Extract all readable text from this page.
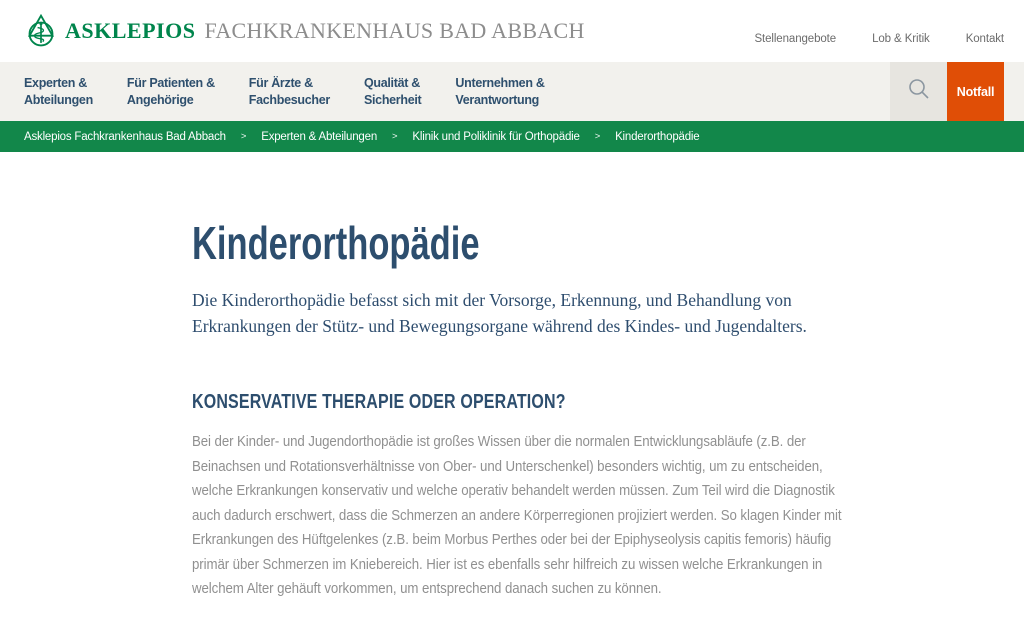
ASKLEPIOS FACHKRANKENHAUS BAD ABBACH	Stellenangebote	Lob & Kritik	Kontakt
Experten &
Abteilungen
Für Patienten &
Angehörige
Für Ärzte &
Fachbesucher
Qualität &
Sicherheit
Unternehmen &
Verantwortung
Notfall
Asklepios Fachkrankenhaus Bad Abbach > Experten & Abteilungen > Klinik und Poliklinik für Orthopädie > Kinderorthopädie
Kinderorthopädie

Die Kinderorthopädie befasst sich mit der Vorsorge, Erkennung, und Behandlung von Erkrankungen der Stütz- und Bewegungsorgane während des Kindes- und Jugendalters.

KONSERVATIVE THERAPIE ODER OPERATION?

Bei der Kinder- und Jugendorthopädie ist großes Wissen über die normalen Entwicklungsabläufe (z.B. der Beinachsen und Rotationsverhältnisse von Ober- und Unterschenkel) besonders wichtig, um zu entscheiden, welche Erkrankungen konservativ und welche operativ behandelt werden müssen. Zum Teil wird die Diagnostik auch dadurch erschwert, dass die Schmerzen an andere Körperregionen projiziert werden. So klagen Kinder mit Erkrankungen des Hüftgelenkes (z.B. beim Morbus Perthes oder bei der Epiphyseolysis capitis femoris) häufig primär über Schmerzen im Kniebereich. Hier ist es ebenfalls sehr hilfreich zu wissen welche Erkrankungen in welchem Alter gehäuft vorkommen, um entsprechend danach suchen zu können.
